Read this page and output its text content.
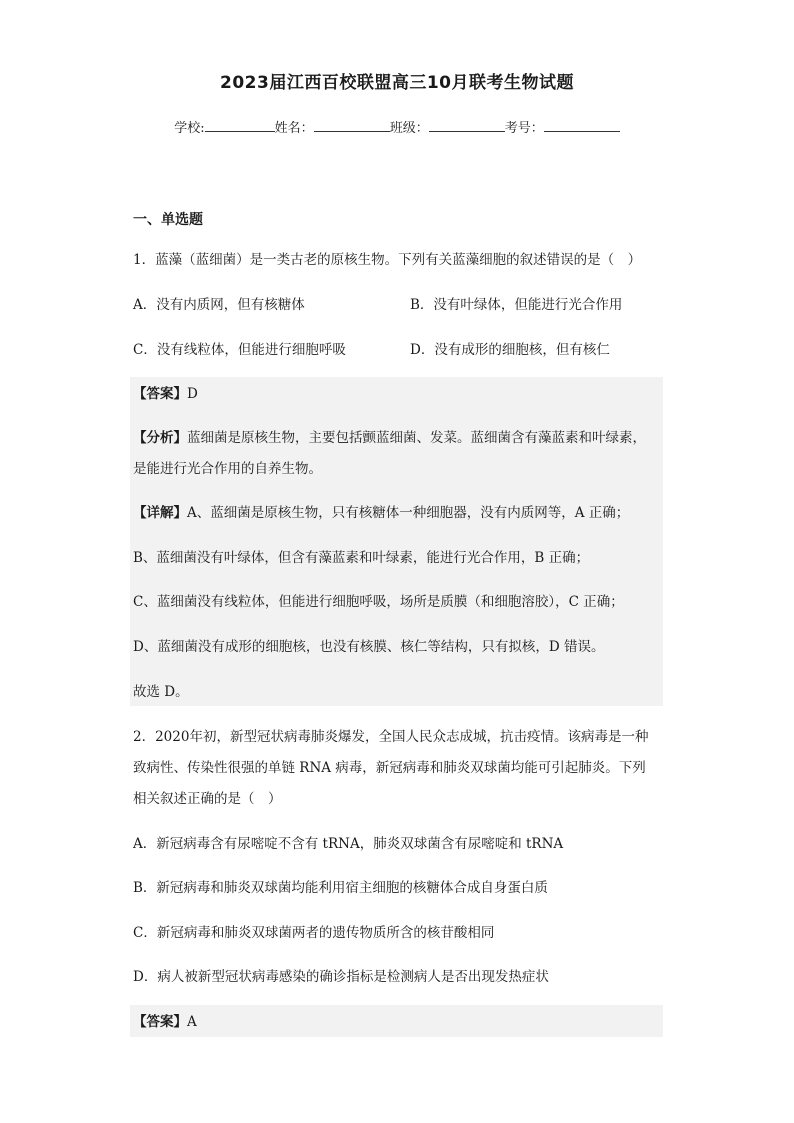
2023届江西百校联盟高三10月联考生物试题
学校:	姓名：	班级：	考号：
一、单选题
1．蓝藻（蓝细菌）是一类古老的原核生物。下列有关蓝藻细胞的叙述错误的是（　）
A．没有内质网，但有核糖体	B．没有叶绿体，但能进行光合作用
C．没有线粒体，但能进行细胞呼吸	D．没有成形的细胞核，但有核仁
【答案】D
【分析】蓝细菌是原核生物，主要包括颤蓝细菌、发菜。蓝细菌含有藻蓝素和叶绿素，
是能进行光合作用的自养生物。
【详解】A、蓝细菌是原核生物，只有核糖体一种细胞器，没有内质网等，A 正确；
B、蓝细菌没有叶绿体，但含有藻蓝素和叶绿素，能进行光合作用，B 正确；
C、蓝细菌没有线粒体，但能进行细胞呼吸，场所是质膜（和细胞溶胶），C 正确；
D、蓝细菌没有成形的细胞核，也没有核膜、核仁等结构，只有拟核，D 错误。
故选 D。
2．2020年初，新型冠状病毒肺炎爆发，全国人民众志成城，抗击疫情。该病毒是一种
致病性、传染性很强的单链 RNA 病毒，新冠病毒和肺炎双球菌均能可引起肺炎。下列
相关叙述正确的是（　）
A．新冠病毒含有尿嘧啶不含有 tRNA，肺炎双球菌含有尿嘧啶和 tRNA
B．新冠病毒和肺炎双球菌均能利用宿主细胞的核糖体合成自身蛋白质
C．新冠病毒和肺炎双球菌两者的遗传物质所含的核苷酸相同
D．病人被新型冠状病毒感染的确诊指标是检测病人是否出现发热症状
【答案】A
